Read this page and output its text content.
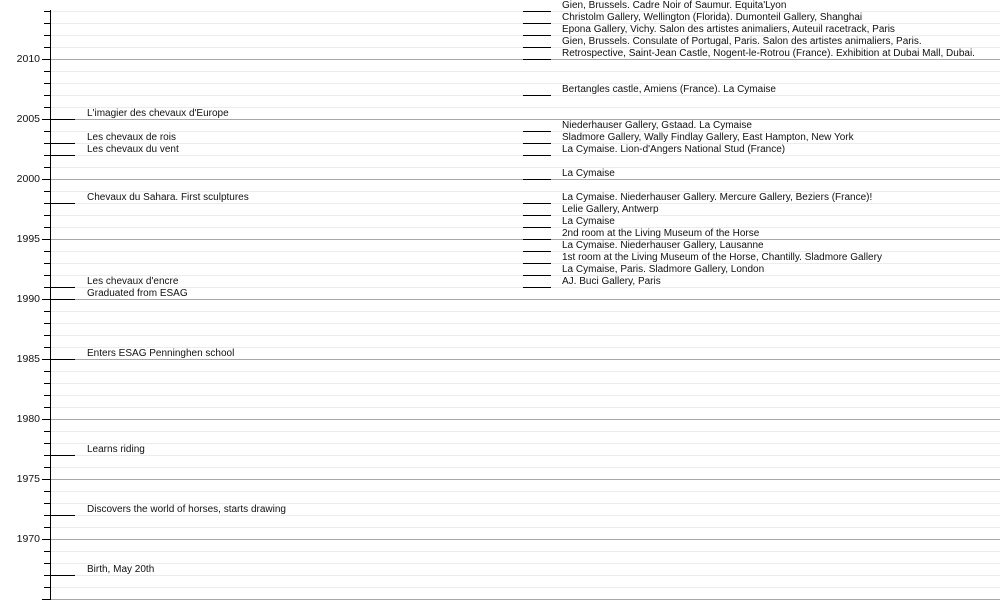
2010
2005
2000
1995
1990
1985
1980
1975
1970
L'imagier des chevaux d'Europe
Les chevaux de rois
Les chevaux du vent
Chevaux du Sahara. First sculptures
Les chevaux d'encre
Graduated from ESAG
Enters ESAG Penninghen school
Learns riding
Discovers the world of horses, starts drawing
Birth, May 20th
Gien, Brussels. Cadre Noir of Saumur. Equita'Lyon
Christolm Gallery, Wellington (Florida). Dumonteil Gallery, Shanghai
Epona Gallery, Vichy. Salon des artistes animaliers, Auteuil racetrack, Paris
Gien, Brussels. Consulate of Portugal, Paris. Salon des artistes animaliers, Paris.
Retrospective, Saint-Jean Castle, Nogent-le-Rotrou (France). Exhibition at Dubai Mall, Dubai.
Bertangles castle, Amiens (France). La Cymaise
Niederhauser Gallery, Gstaad. La Cymaise
Sladmore Gallery, Wally Findlay Gallery, East Hampton, New York
La Cymaise. Lion-d'Angers National Stud (France)
La Cymaise
La Cymaise. Niederhauser Gallery. Mercure Gallery, Beziers (France)!
Lelie Gallery, Antwerp
La Cymaise
2nd room at the Living Museum of the Horse
La Cymaise. Niederhauser Gallery, Lausanne
1st room at the Living Museum of the Horse, Chantilly. Sladmore Gallery
La Cymaise, Paris. Sladmore Gallery, London
AJ. Buci Gallery, Paris
